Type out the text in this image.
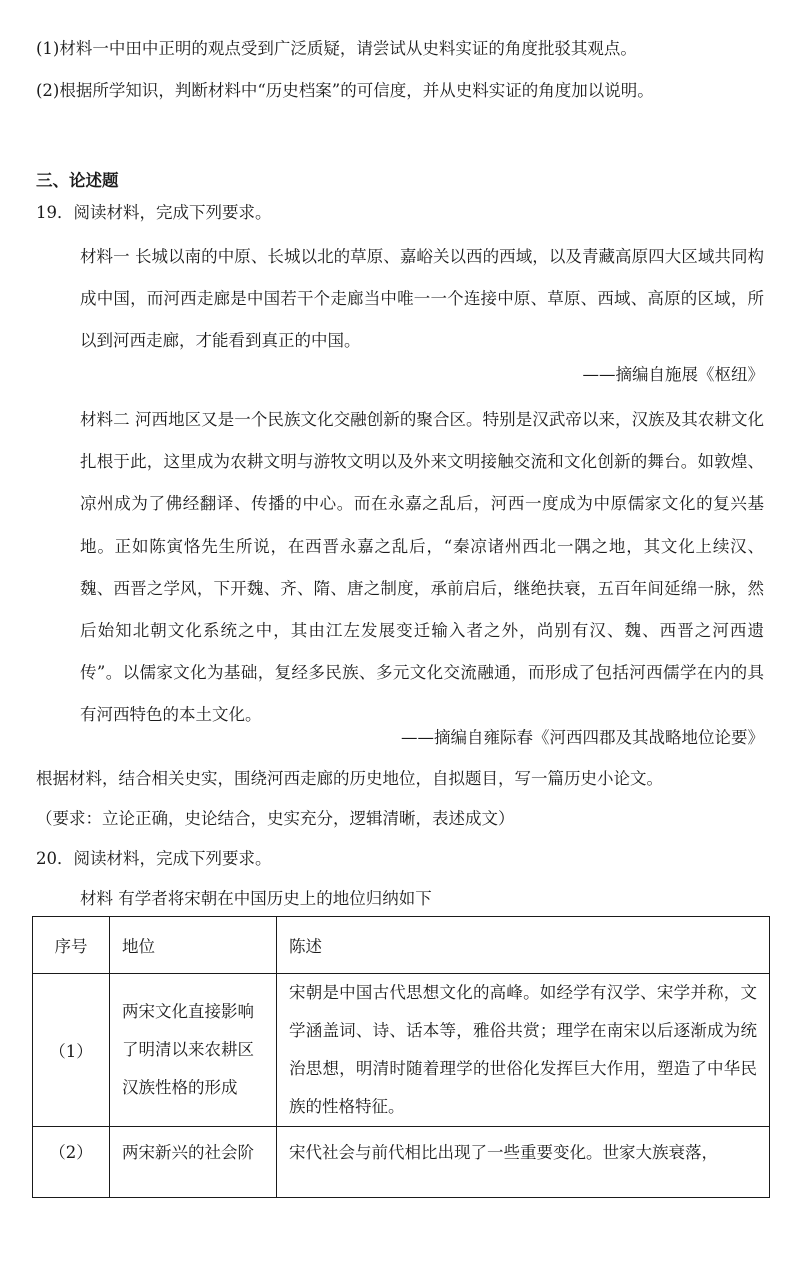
(1)材料一中田中正明的观点受到广泛质疑，请尝试从史料实证的角度批驳其观点。
(2)根据所学知识，判断材料中“历史档案”的可信度，并从史料实证的角度加以说明。
三、论述题
19．阅读材料，完成下列要求。
材料一 长城以南的中原、长城以北的草原、嘉峪关以西的西域，以及青藏高原四大区域共同构成中国，而河西走廊是中国若干个走廊当中唯一一个连接中原、草原、西域、高原的区域，所以到河西走廊，才能看到真正的中国。
——摘编自施展《枢纽》
材料二 河西地区又是一个民族文化交融创新的聚合区。特别是汉武帝以来，汉族及其农耕文化扎根于此，这里成为农耕文明与游牧文明以及外来文明接触交流和文化创新的舞台。如敦煌、凉州成为了佛经翻译、传播的中心。而在永嘉之乱后，河西一度成为中原儒家文化的复兴基地。正如陈寅恪先生所说，在西晋永嘉之乱后，“秦凉诸州西北一隅之地，其文化上续汉、魏、西晋之学风，下开魏、齐、隋、唐之制度，承前启后，继绝扶衰，五百年间延绵一脉，然后始知北朝文化系统之中，其由江左发展变迁输入者之外，尚别有汉、魏、西晋之河西遗传”。以儒家文化为基础，复经多民族、多元文化交流融通，而形成了包括河西儒学在内的具有河西特色的本土文化。
——摘编自雍际春《河西四郡及其战略地位论要》
根据材料，结合相关史实，围绕河西走廊的历史地位，自拟题目，写一篇历史小论文。
（要求：立论正确，史论结合，史实充分，逻辑清晰，表述成文）
20．阅读材料，完成下列要求。
材料 有学者将宋朝在中国历史上的地位归纳如下
序号	地位	陈述
（1）	两宋文化直接影响了明清以来农耕区汉族性格的形成	宋朝是中国古代思想文化的高峰。如经学有汉学、宋学并称，文学涵盖词、诗、话本等，雅俗共赏；理学在南宋以后逐渐成为统治思想，明清时随着理学的世俗化发挥巨大作用，塑造了中华民族的性格特征。
（2）	两宋新兴的社会阶	宋代社会与前代相比出现了一些重要变化。世家大族衰落，
